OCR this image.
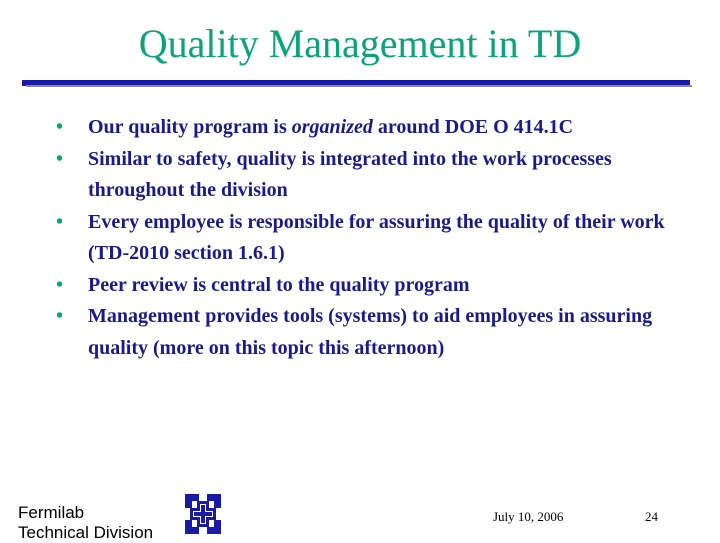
Quality Management in TD
• Our quality program is organized around DOE O 414.1C
• Similar to safety, quality is integrated into the work processes throughout the division
• Every employee is responsible for assuring the quality of their work (TD-2010 section 1.6.1)
• Peer review is central to the quality program
• Management provides tools (systems) to aid employees in assuring quality (more on this topic this afternoon)
Fermilab
Technical Division
July 10, 2006	24
